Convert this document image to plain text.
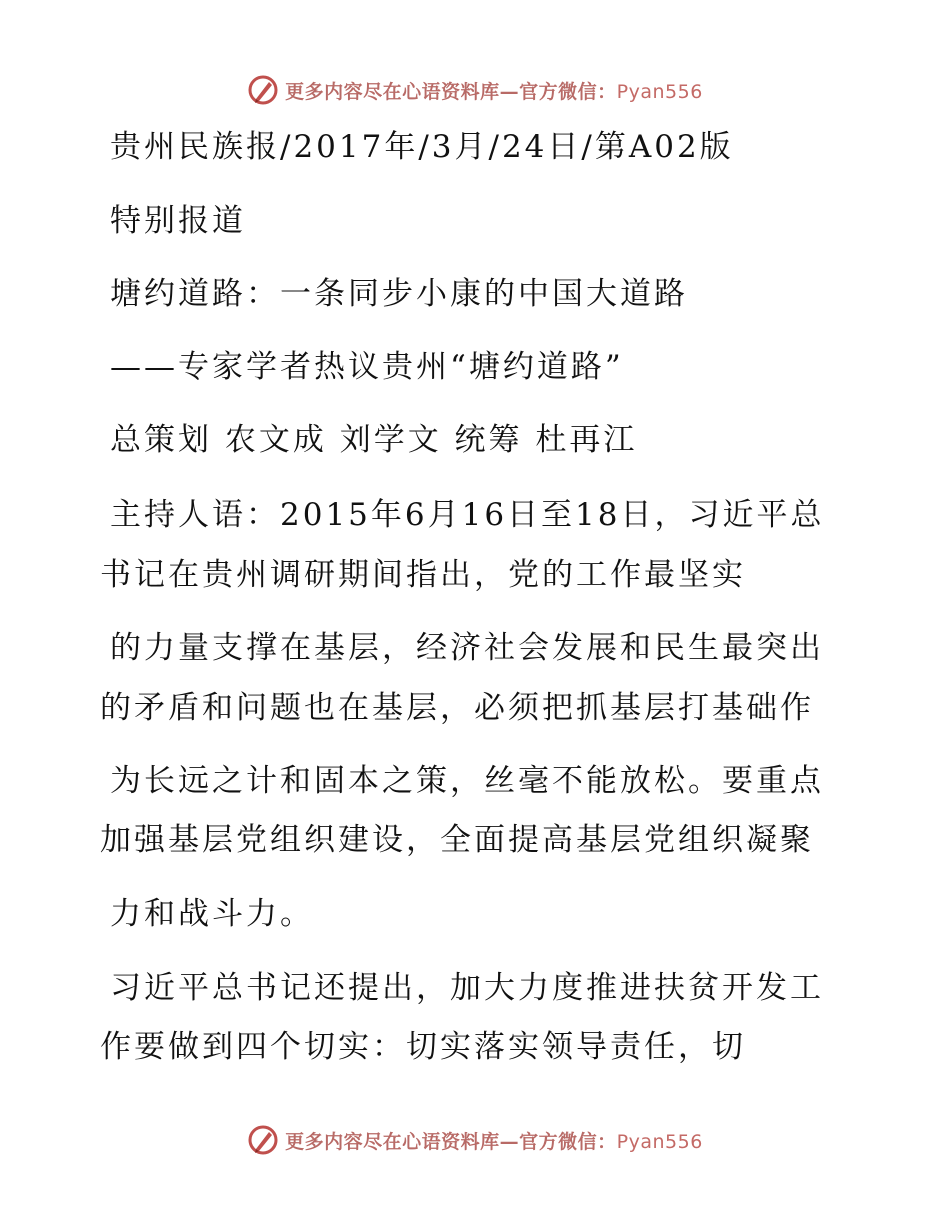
更多内容尽在心语资料库—官方微信：Pyan556
贵州民族报/2017年/3月/24日/第A02版
特别报道
塘约道路：一条同步小康的中国大道路
——专家学者热议贵州“塘约道路”
总策划 农文成 刘学文 统筹 杜再江
主持人语：2015年6月16日至18日，习近平总
书记在贵州调研期间指出，党的工作最坚实
的力量支撑在基层，经济社会发展和民生最突出
的矛盾和问题也在基层，必须把抓基层打基础作
为长远之计和固本之策，丝毫不能放松。要重点
加强基层党组织建设，全面提高基层党组织凝聚
力和战斗力。
习近平总书记还提出，加大力度推进扶贫开发工
作要做到四个切实：切实落实领导责任，切
更多内容尽在心语资料库—官方微信：Pyan556
